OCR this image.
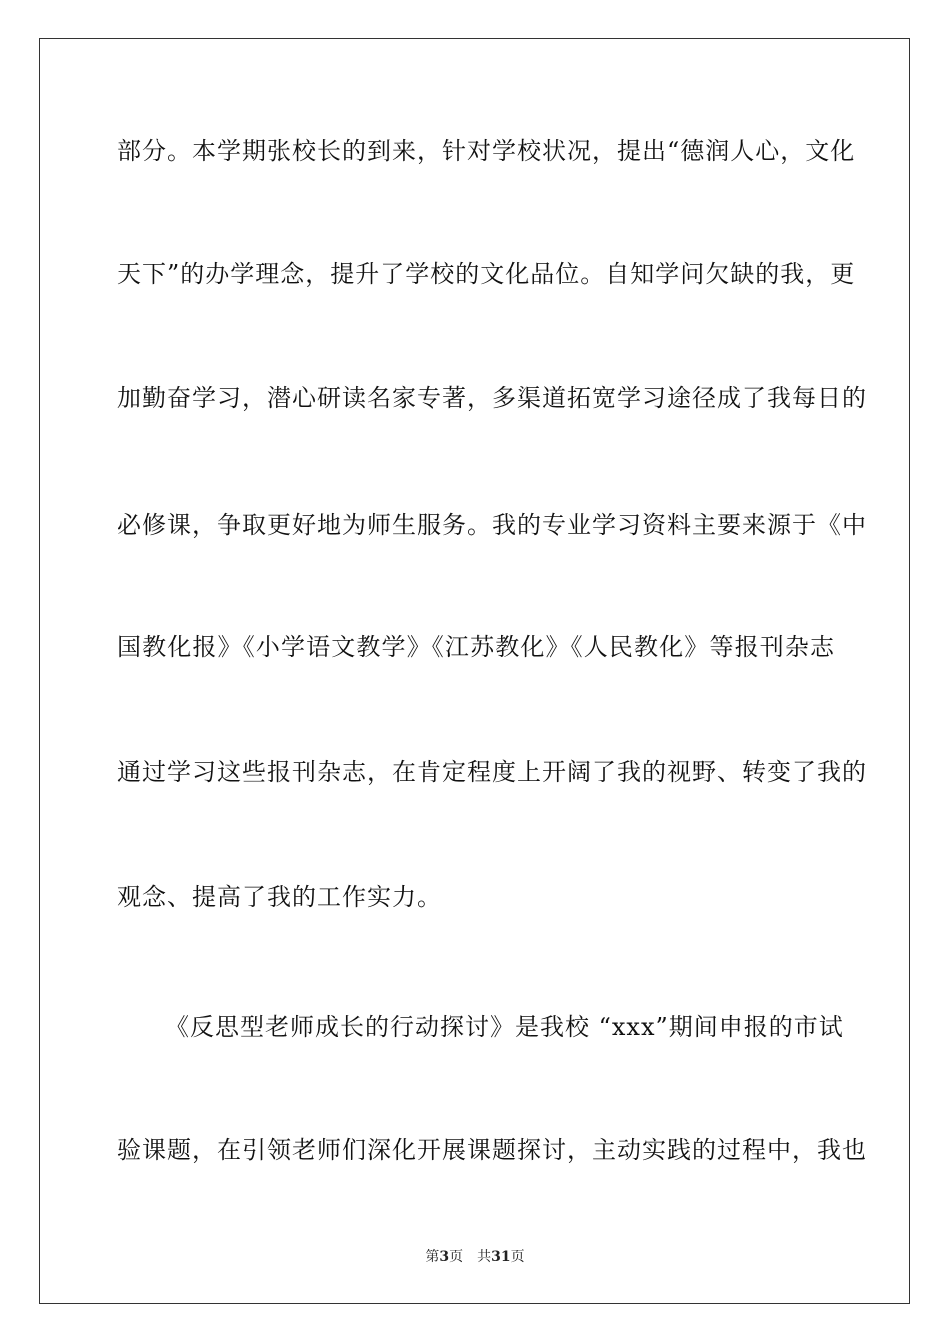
部分。本学期张校长的到来，针对学校状况，提出“德润人心，文化

天下”的办学理念，提升了学校的文化品位。自知学问欠缺的我，更

加勤奋学习，潜心研读名家专著，多渠道拓宽学习途径成了我每日的

必修课，争取更好地为师生服务。我的专业学习资料主要来源于《中

国教化报》《小学语文教学》《江苏教化》《人民教化》等报刊杂志

通过学习这些报刊杂志，在肯定程度上开阔了我的视野、转变了我的

观念、提高了我的工作实力。

《反思型老师成长的行动探讨》是我校 “xxx”期间申报的市试

验课题，在引领老师们深化开展课题探讨，主动实践的过程中，我也

第3页 共31页
